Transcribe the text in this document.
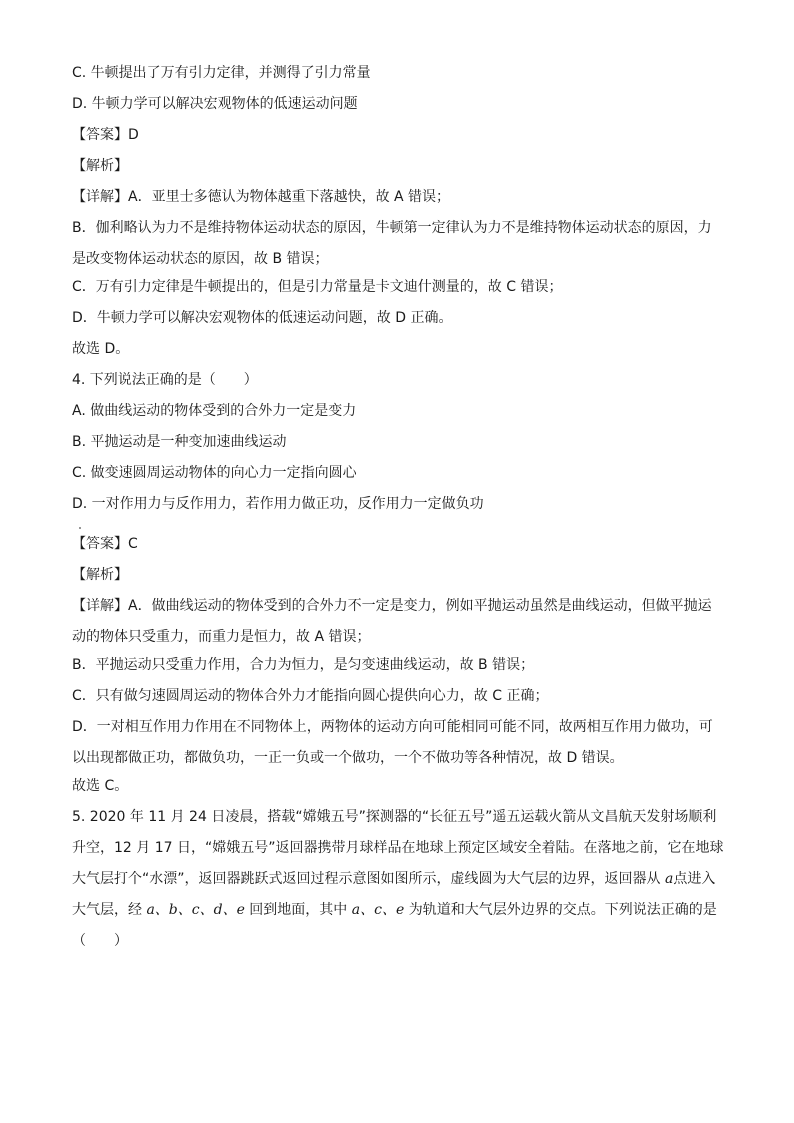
C. 牛顿提出了万有引力定律，并测得了引力常量
D. 牛顿力学可以解决宏观物体的低速运动问题
【答案】D
【解析】
【详解】A．亚里士多德认为物体越重下落越快，故 A 错误；
B．伽利略认为力不是维持物体运动状态的原因，牛顿第一定律认为力不是维持物体运动状态的原因，力是改变物体运动状态的原因，故 B 错误；
C．万有引力定律是牛顿提出的，但是引力常量是卡文迪什测量的，故 C 错误；
D．牛顿力学可以解决宏观物体的低速运动问题，故 D 正确。
故选 D。
4. 下列说法正确的是（　　）
A. 做曲线运动的物体受到的合外力一定是变力
B. 平抛运动是一种变加速曲线运动
C. 做变速圆周运动物体的向心力一定指向圆心
D. 一对作用力与反作用力，若作用力做正功，反作用力一定做负功
【答案】C
【解析】
【详解】A．做曲线运动的物体受到的合外力不一定是变力，例如平抛运动虽然是曲线运动，但做平抛运动的物体只受重力，而重力是恒力，故 A 错误；
B．平抛运动只受重力作用，合力为恒力，是匀变速曲线运动，故 B 错误；
C．只有做匀速圆周运动的物体合外力才能指向圆心提供向心力，故 C 正确；
D．一对相互作用力作用在不同物体上，两物体的运动方向可能相同可能不同，故两相互作用力做功，可以出现都做正功，都做负功，一正一负或一个做功，一个不做功等各种情况，故 D 错误。
故选 C。
5. 2020 年 11 月 24 日凌晨，搭载“嫦娥五号”探测器的“长征五号”遥五运载火箭从文昌航天发射场顺利升空，12 月 17 日，“嫦娥五号”返回器携带月球样品在地球上预定区域安全着陆。在落地之前，它在地球大气层打个“水漂”，返回器跳跃式返回过程示意图如图所示，虚线圆为大气层的边界，返回器从 a点进入大气层，经 a、b、c、d、e 回到地面，其中 a、c、e 为轨道和大气层外边界的交点。下列说法正确的是（　　）
